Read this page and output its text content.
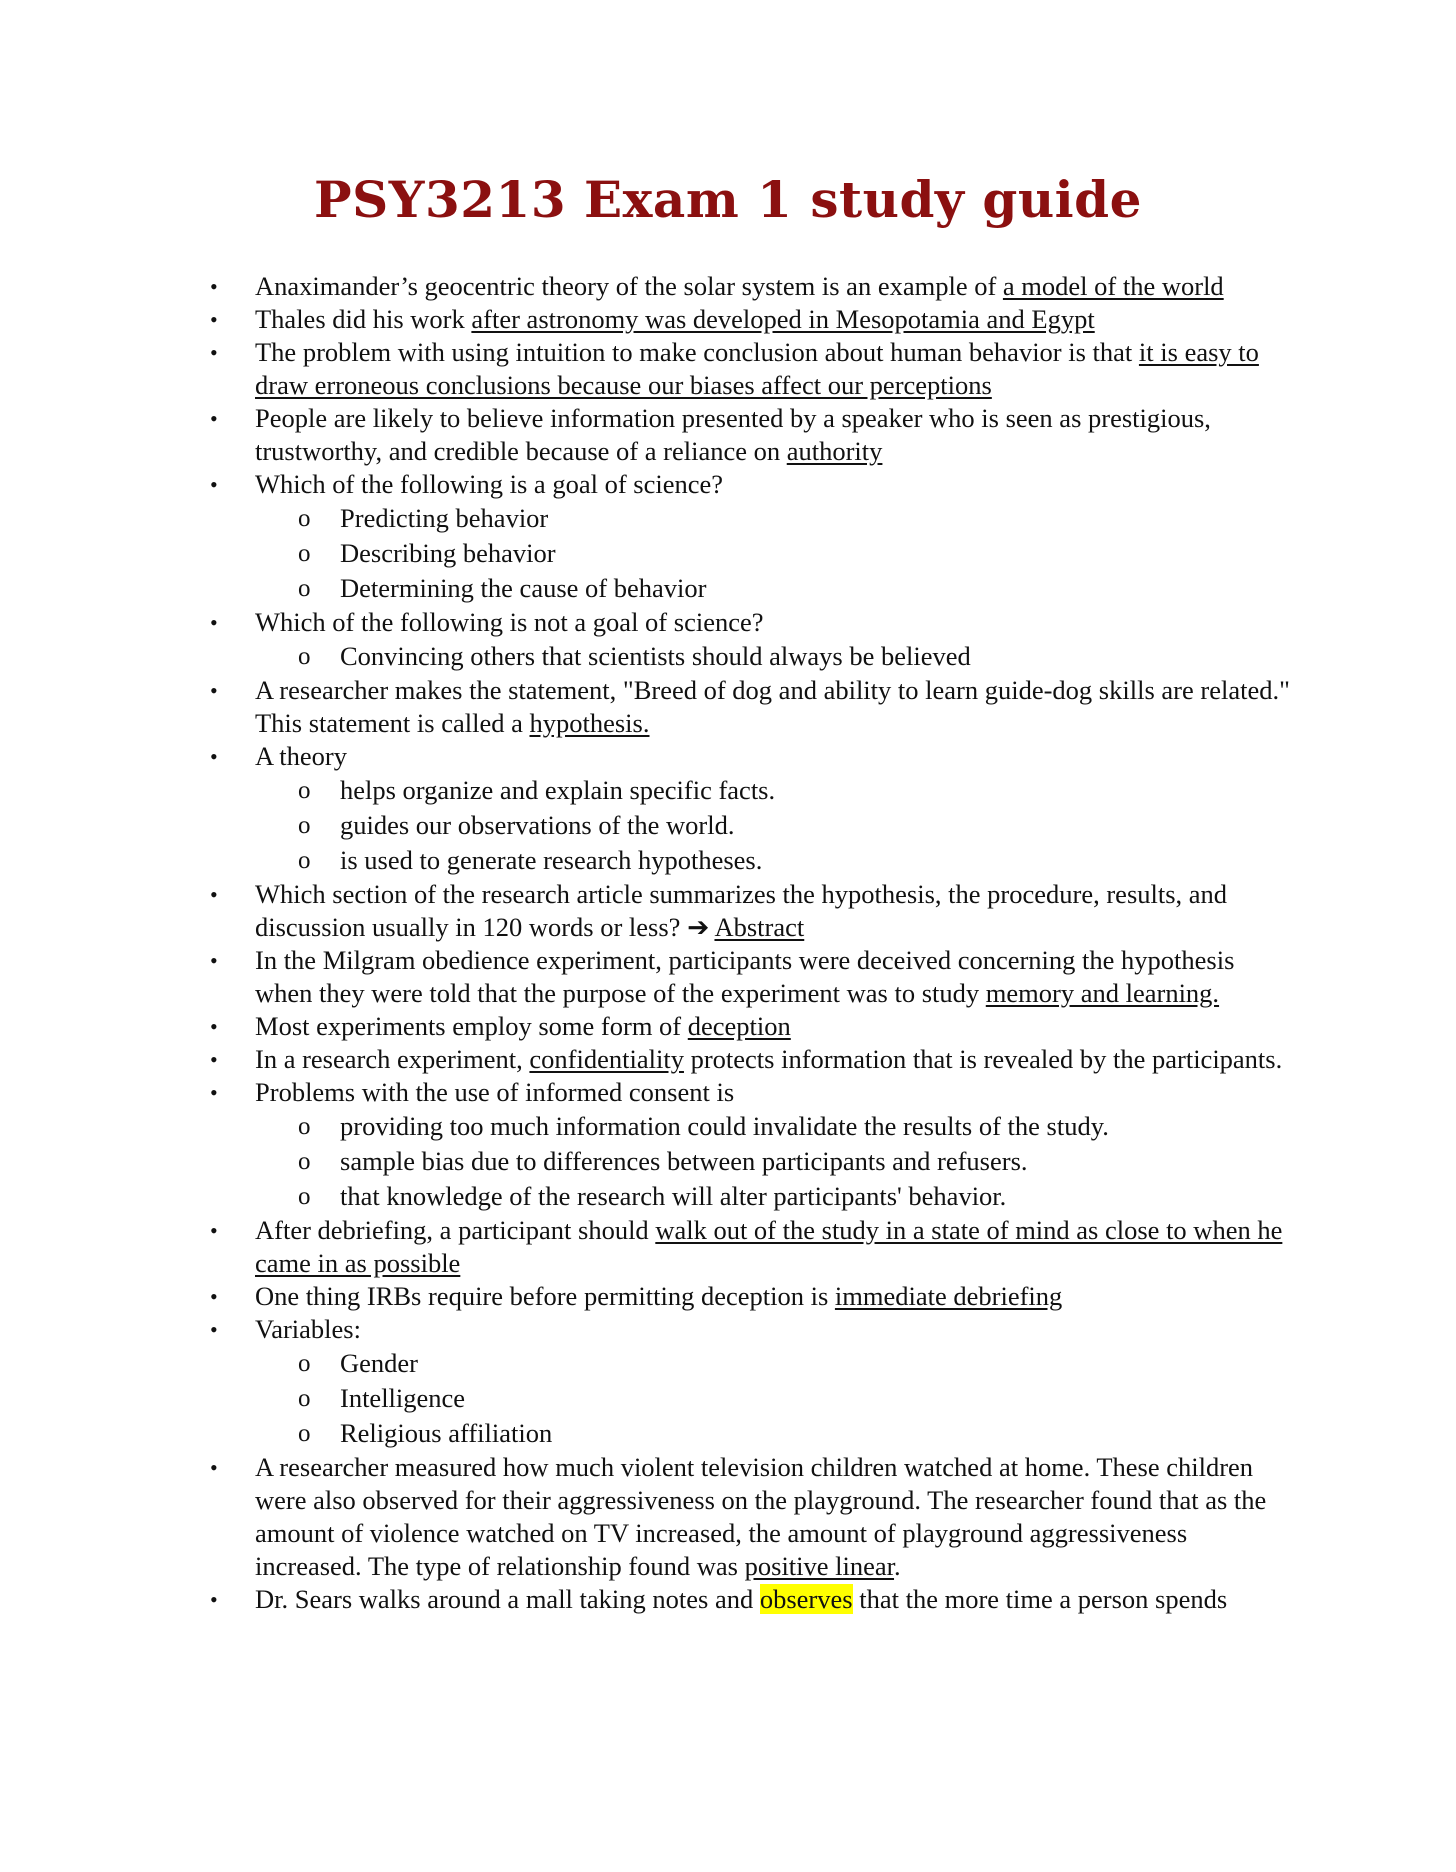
PSY3213 Exam 1 study guide
•	Anaximander’s geocentric theory of the solar system is an example of a model of the world
•	Thales did his work after astronomy was developed in Mesopotamia and Egypt
•	The problem with using intuition to make conclusion about human behavior is that it is easy to draw erroneous conclusions because our biases affect our perceptions
•	People are likely to believe information presented by a speaker who is seen as prestigious, trustworthy, and credible because of a reliance on authority
•	Which of the following is a goal of science?
o Predicting behavior
o Describing behavior
o Determining the cause of behavior
•	Which of the following is not a goal of science?
o Convincing others that scientists should always be believed
•	A researcher makes the statement, "Breed of dog and ability to learn guide-dog skills are related." This statement is called a hypothesis.
•	A theory
o helps organize and explain specific facts.
o guides our observations of the world.
o is used to generate research hypotheses.
•	Which section of the research article summarizes the hypothesis, the procedure, results, and discussion usually in 120 words or less? ➔ Abstract
•	In the Milgram obedience experiment, participants were deceived concerning the hypothesis when they were told that the purpose of the experiment was to study memory and learning.
•	Most experiments employ some form of deception
•	In a research experiment, confidentiality protects information that is revealed by the participants.
•	Problems with the use of informed consent is
o providing too much information could invalidate the results of the study.
o sample bias due to differences between participants and refusers.
o that knowledge of the research will alter participants' behavior.
•	After debriefing, a participant should walk out of the study in a state of mind as close to when he came in as possible
•	One thing IRBs require before permitting deception is immediate debriefing
•	Variables:
o Gender
o Intelligence
o Religious affiliation
•	A researcher measured how much violent television children watched at home. These children were also observed for their aggressiveness on the playground. The researcher found that as the amount of violence watched on TV increased, the amount of playground aggressiveness increased. The type of relationship found was positive linear.
•	Dr. Sears walks around a mall taking notes and observes that the more time a person spends
